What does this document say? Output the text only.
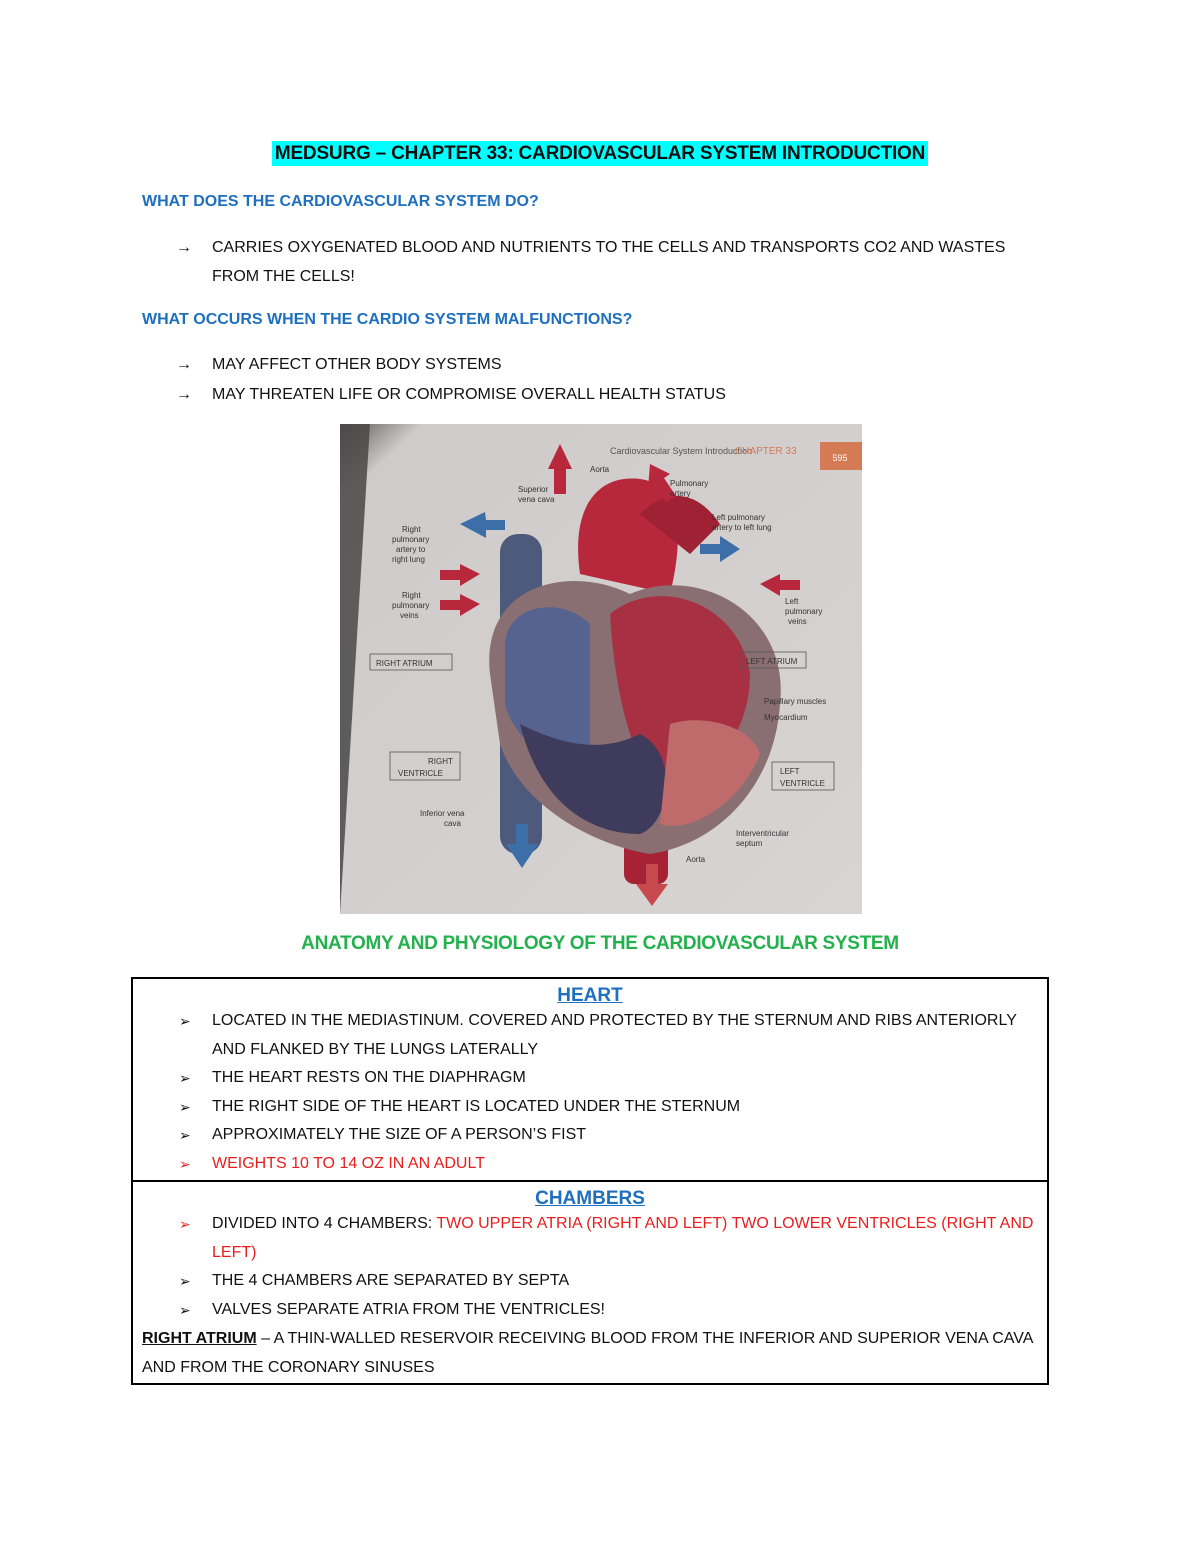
MEDSURG – CHAPTER 33: CARDIOVASCULAR SYSTEM INTRODUCTION
WHAT DOES THE CARDIOVASCULAR SYSTEM DO?
→ CARRIES OXYGENATED BLOOD AND NUTRIENTS TO THE CELLS AND TRANSPORTS CO2 AND WASTES FROM THE CELLS!
WHAT OCCURS WHEN THE CARDIO SYSTEM MALFUNCTIONS?
→ MAY AFFECT OTHER BODY SYSTEMS
→ MAY THREATEN LIFE OR COMPROMISE OVERALL HEALTH STATUS
595
Cardiovascular System Introduction
CHAPTER 33
Aorta
Superior
vena cava
Pulmonary
artery
Left pulmonary
artery to left lung
Right
pulmonary
artery to
right lung
Right
pulmonary
veins
Left
pulmonary
veins
RIGHT ATRIUM	LEFT ATRIUM
Papillary muscles
Myocardium
RIGHT
VENTRICLE	LEFT
VENTRICLE
Inferior vena
cava
Interventricular
septum
Aorta
ANATOMY AND PHYSIOLOGY OF THE CARDIOVASCULAR SYSTEM
HEART
➢ LOCATED IN THE MEDIASTINUM. COVERED AND PROTECTED BY THE STERNUM AND RIBS ANTERIORLY AND FLANKED BY THE LUNGS LATERALLY
➢ THE HEART RESTS ON THE DIAPHRAGM
➢ THE RIGHT SIDE OF THE HEART IS LOCATED UNDER THE STERNUM
➢ APPROXIMATELY THE SIZE OF A PERSON’S FIST
➢ WEIGHTS 10 TO 14 OZ IN AN ADULT
CHAMBERS
➢ DIVIDED INTO 4 CHAMBERS: TWO UPPER ATRIA (RIGHT AND LEFT) TWO LOWER VENTRICLES (RIGHT AND LEFT)
➢ THE 4 CHAMBERS ARE SEPARATED BY SEPTA
➢ VALVES SEPARATE ATRIA FROM THE VENTRICLES!
RIGHT ATRIUM – A THIN-WALLED RESERVOIR RECEIVING BLOOD FROM THE INFERIOR AND SUPERIOR VENA CAVA AND FROM THE CORONARY SINUSES
